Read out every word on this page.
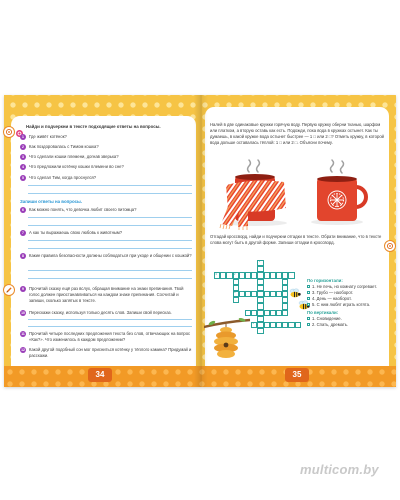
Найди и подчеркни в тексте подходящие ответы на вопросы.
1	Где живёт котёнок?
2	Как поздоровалась с Тимом кошка?
3	Что сделали кошки племени, догнав зверька?
4	Что предложили котёнку кошки племени во сне?
5	Что сделал Тим, когда проснулся?
Запиши ответы на вопросы.
6	Как можно понять, что девочка любит своего питомца?
7	А как ты выражаешь свою любовь к животным?
8	Какие правила безопасности должны соблюдаться при уходе и общении с кошкой?
9	Прочитай сказку ещё раз вслух, обращая внимание на знаки препинания. Твой голос должен приостанавливаться на каждом знаке препинания. Сосчитай и запиши, сколько запятых в тексте.
10 Перескажи сказку, используя только десять слов. Запиши свой пересказ.
11 Прочитай четыре последних предложения текста без слов, отвечающих на вопрос «Как?». Что изменилось в каждом предложении?
12 Какой другой подобный сон мог присниться котёнку у тёплого камина? Придумай и расскажи.
34
Налей в две одинаковые кружки горячую воду. Первую кружку оберни тканью, шарфом или платком, а вторую оставь как есть. Подожди, пока вода в кружках остынет. Как ты думаешь, в какой кружке вода остынет быстрее — 1 □ или 2 □? Отметь кружку, в которой вода дольше оставалась тёплой: 1 □ или 2 □. Объясни почему.
Отгадай кроссворд, найди и подчеркни отгадки в тексте. Обрати внимание, что в тексте слова могут быть в другой форме. Запиши отгадки в кроссворд.
1
2
4
3
5
По горизонтали:
1. Не печь, но комнату согревает.
3. Грубо — наоборот.
4. День — наоборот.
5. С ним любят играть котята.
По вертикали:
1. Сновидение.
2. Спать, дремать.
35
multicom.by
